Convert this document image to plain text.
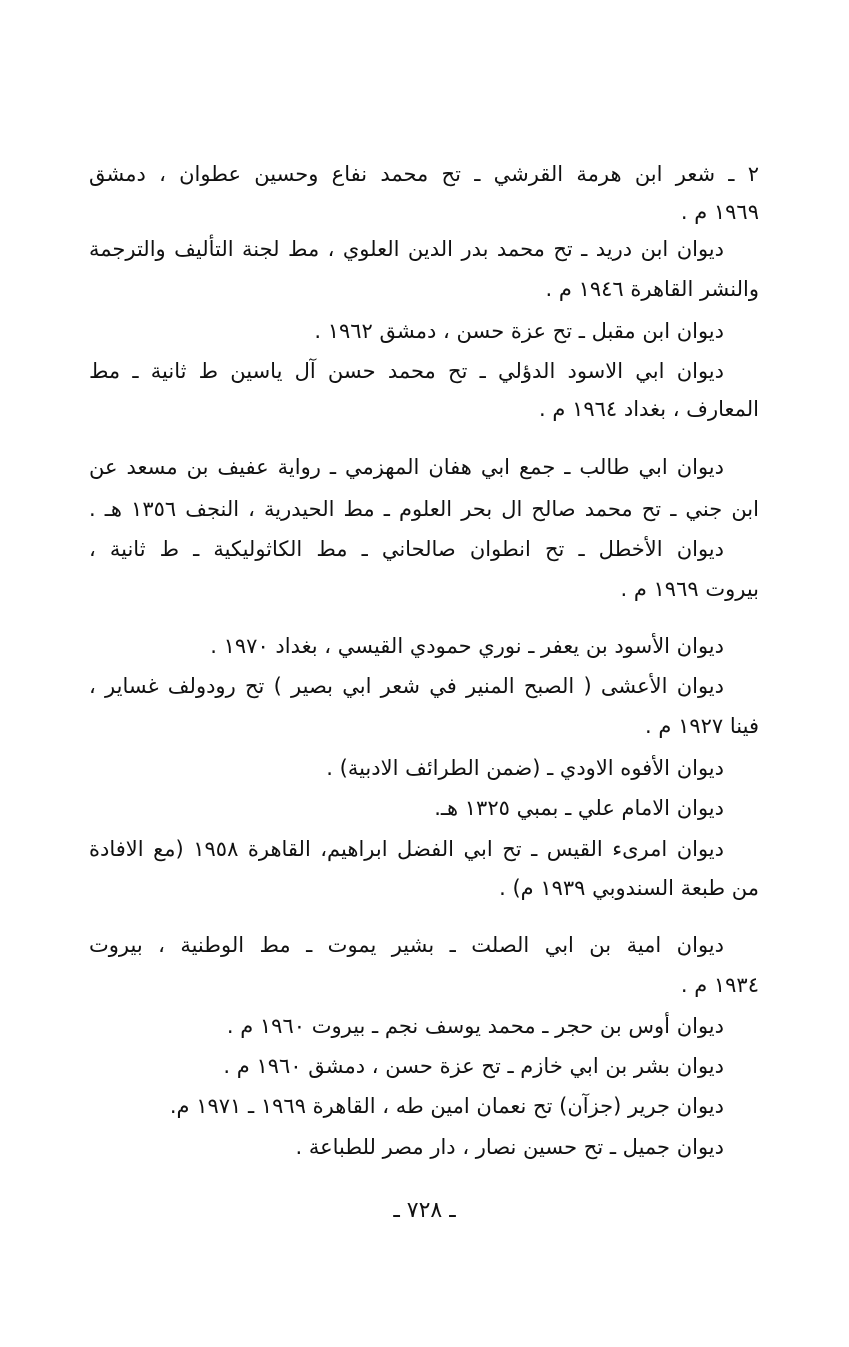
٢ ـ شعر ابن هرمة القرشي ـ تح محمد نفاع وحسين عطوان ، دمشق
١٩٦٩ م .
ديوان ابن دريد ـ تح محمد بدر الدين العلوي ، مط لجنة التأليف والترجمة
والنشر القاهرة ١٩٤٦ م .
ديوان ابن مقبل ـ تح عزة حسن ، دمشق ١٩٦٢ .
ديوان ابي الاسود الدؤلي ـ تح محمد حسن آل ياسين ط ثانية ـ مط
المعارف ، بغداد ١٩٦٤ م .
ديوان ابي طالب ـ جمع ابي هفان المهزمي ـ رواية عفيف بن مسعد عن
ابن جني ـ تح محمد صالح ال بحر العلوم ـ مط الحيدرية ، النجف ١٣٥٦ هـ .
ديوان الأخطل ـ تح انطوان صالحاني ـ مط الكاثوليكية ـ ط ثانية ،
بيروت ١٩٦٩ م .
ديوان الأسود بن يعفر ـ نوري حمودي القيسي ، بغداد ١٩٧٠ .
ديوان الأعشى ( الصبح المنير في شعر ابي بصير ) تح رودولف غساير ،
فينا ١٩٢٧ م .
ديوان الأفوه الاودي ـ (ضمن الطرائف الادبية) .
ديوان الامام علي ـ بمبي ١٣٢٥ هـ.
ديوان امرىء القيس ـ تح ابي الفضل ابراهيم، القاهرة ١٩٥٨ (مع الافادة
من طبعة السندوبي ١٩٣٩ م) .
ديوان امية بن ابي الصلت ـ بشير يموت ـ مط الوطنية ، بيروت
١٩٣٤ م .
ديوان أوس بن حجر ـ محمد يوسف نجم ـ بيروت ١٩٦٠ م .
ديوان بشر بن ابي خازم ـ تح عزة حسن ، دمشق ١٩٦٠ م .
ديوان جرير (جزآن) تح نعمان امين طه ، القاهرة ١٩٦٩ ـ ١٩٧١ م.
ديوان جميل ـ تح حسين نصار ، دار مصر للطباعة .
ـ ٧٢٨ ـ
